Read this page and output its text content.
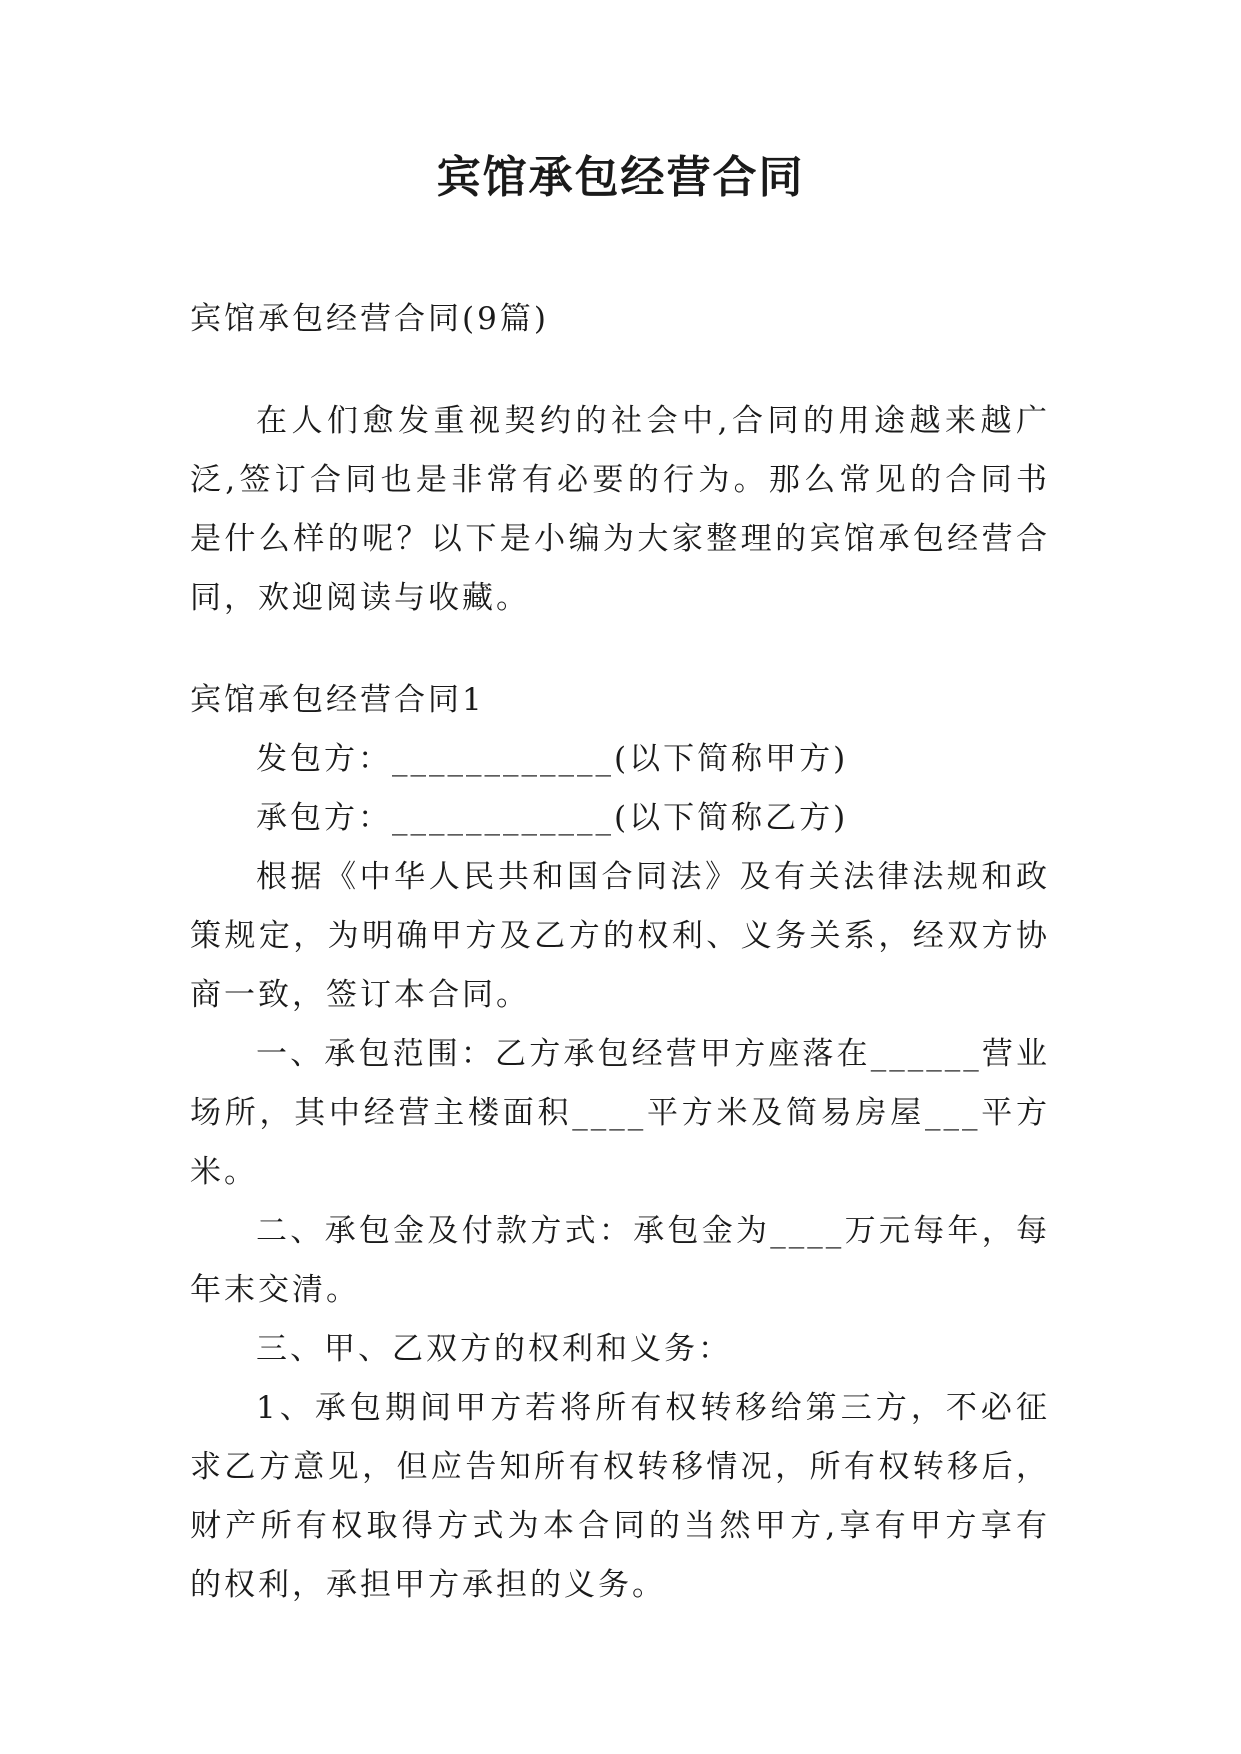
宾馆承包经营合同

宾馆承包经营合同(9篇)

在人们愈发重视契约的社会中,合同的用途越来越广泛,签订合同也是非常有必要的行为。那么常见的合同书是什么样的呢？以下是小编为大家整理的宾馆承包经营合同，欢迎阅读与收藏。

宾馆承包经营合同1

发包方：____________(以下简称甲方)

承包方：____________(以下简称乙方)

根据《中华人民共和国合同法》及有关法律法规和政策规定，为明确甲方及乙方的权利、义务关系，经双方协商一致，签订本合同。

一、承包范围：乙方承包经营甲方座落在______营业场所，其中经营主楼面积____平方米及简易房屋___平方米。

二、承包金及付款方式：承包金为____万元每年，每年末交清。

三、甲、乙双方的权利和义务：

1、承包期间甲方若将所有权转移给第三方，不必征求乙方意见，但应告知所有权转移情况，所有权转移后，财产所有权取得方式为本合同的当然甲方,享有甲方享有的权利，承担甲方承担的义务。
